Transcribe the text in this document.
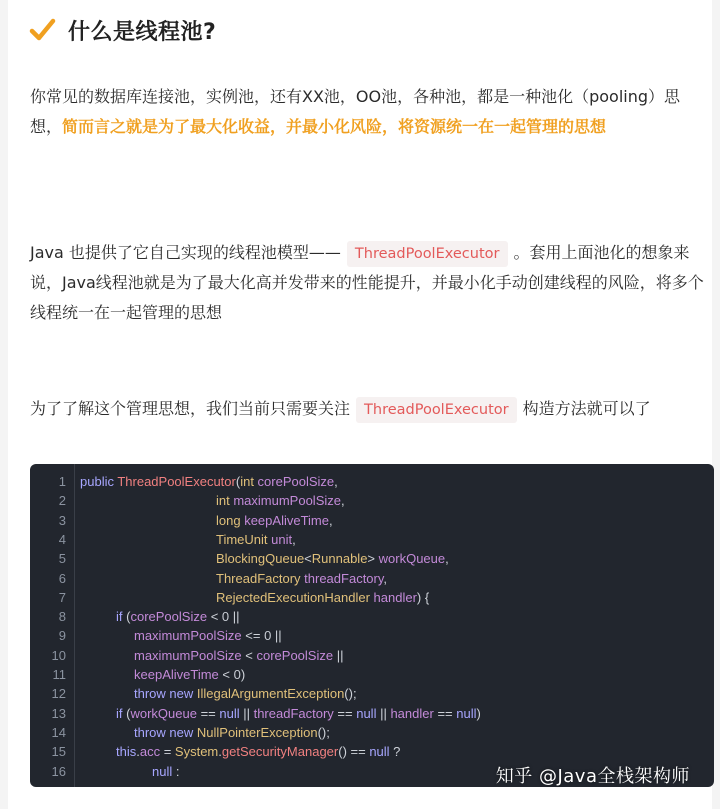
什么是线程池?
你常见的数据库连接池，实例池，还有XX池，OO池，各种池，都是一种池化（pooling）思想，简而言之就是为了最大化收益，并最小化风险，将资源统一在一起管理的思想
Java 也提供了它自己实现的线程池模型—— ThreadPoolExecutor 。套用上面池化的想象来说，Java线程池就是为了最大化高并发带来的性能提升，并最小化手动创建线程的风险，将多个线程统一在一起管理的思想
为了了解这个管理思想，我们当前只需要关注 ThreadPoolExecutor 构造方法就可以了
1
2
3
4
5
6
7
8
9
10
11
12
13
14
15
16
public ThreadPoolExecutor(int corePoolSize,
int maximumPoolSize,
long keepAliveTime,
TimeUnit unit,
BlockingQueue<Runnable> workQueue,
ThreadFactory threadFactory,
RejectedExecutionHandler handler) {
if (corePoolSize < 0 ||
maximumPoolSize <= 0 ||
maximumPoolSize < corePoolSize ||
keepAliveTime < 0)
throw new IllegalArgumentException();
if (workQueue == null || threadFactory == null || handler == null)
throw new NullPointerException();
this.acc = System.getSecurityManager() == null ?
null :	知乎 @Java全栈架构师
